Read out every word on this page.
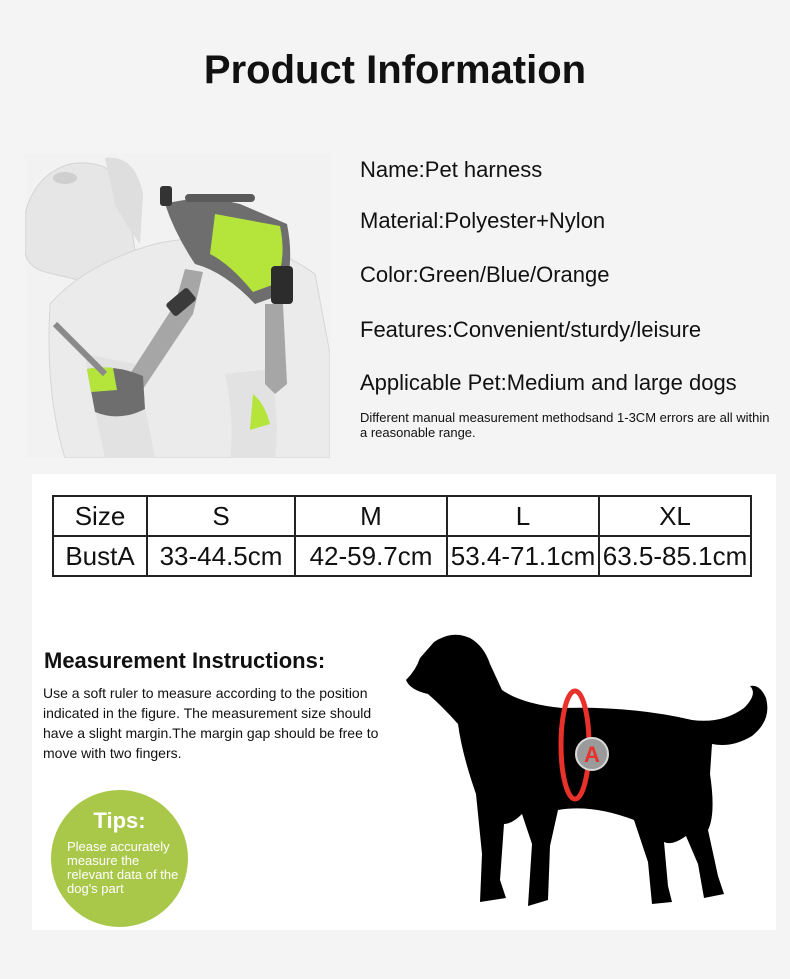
Product Information

Name:Pet harness

Material:Polyester+Nylon

Color:Green/Blue/Orange

Features:Convenient/sturdy/leisure

Applicable Pet:Medium and large dogs

Different manual measurement methodsand 1-3CM errors are all within a reasonable range.
Size	S	M	L	XL
BustA	33-44.5cm	42-59.7cm	53.4-71.1cm	63.5-85.1cm
Measurement Instructions:
Use a soft ruler to measure according to the position indicated in the figure. The measurement size should have a slight margin.The margin gap should be free to move with two fingers.
Tips:
Please accurately measure the relevant data of the dog's part
A
